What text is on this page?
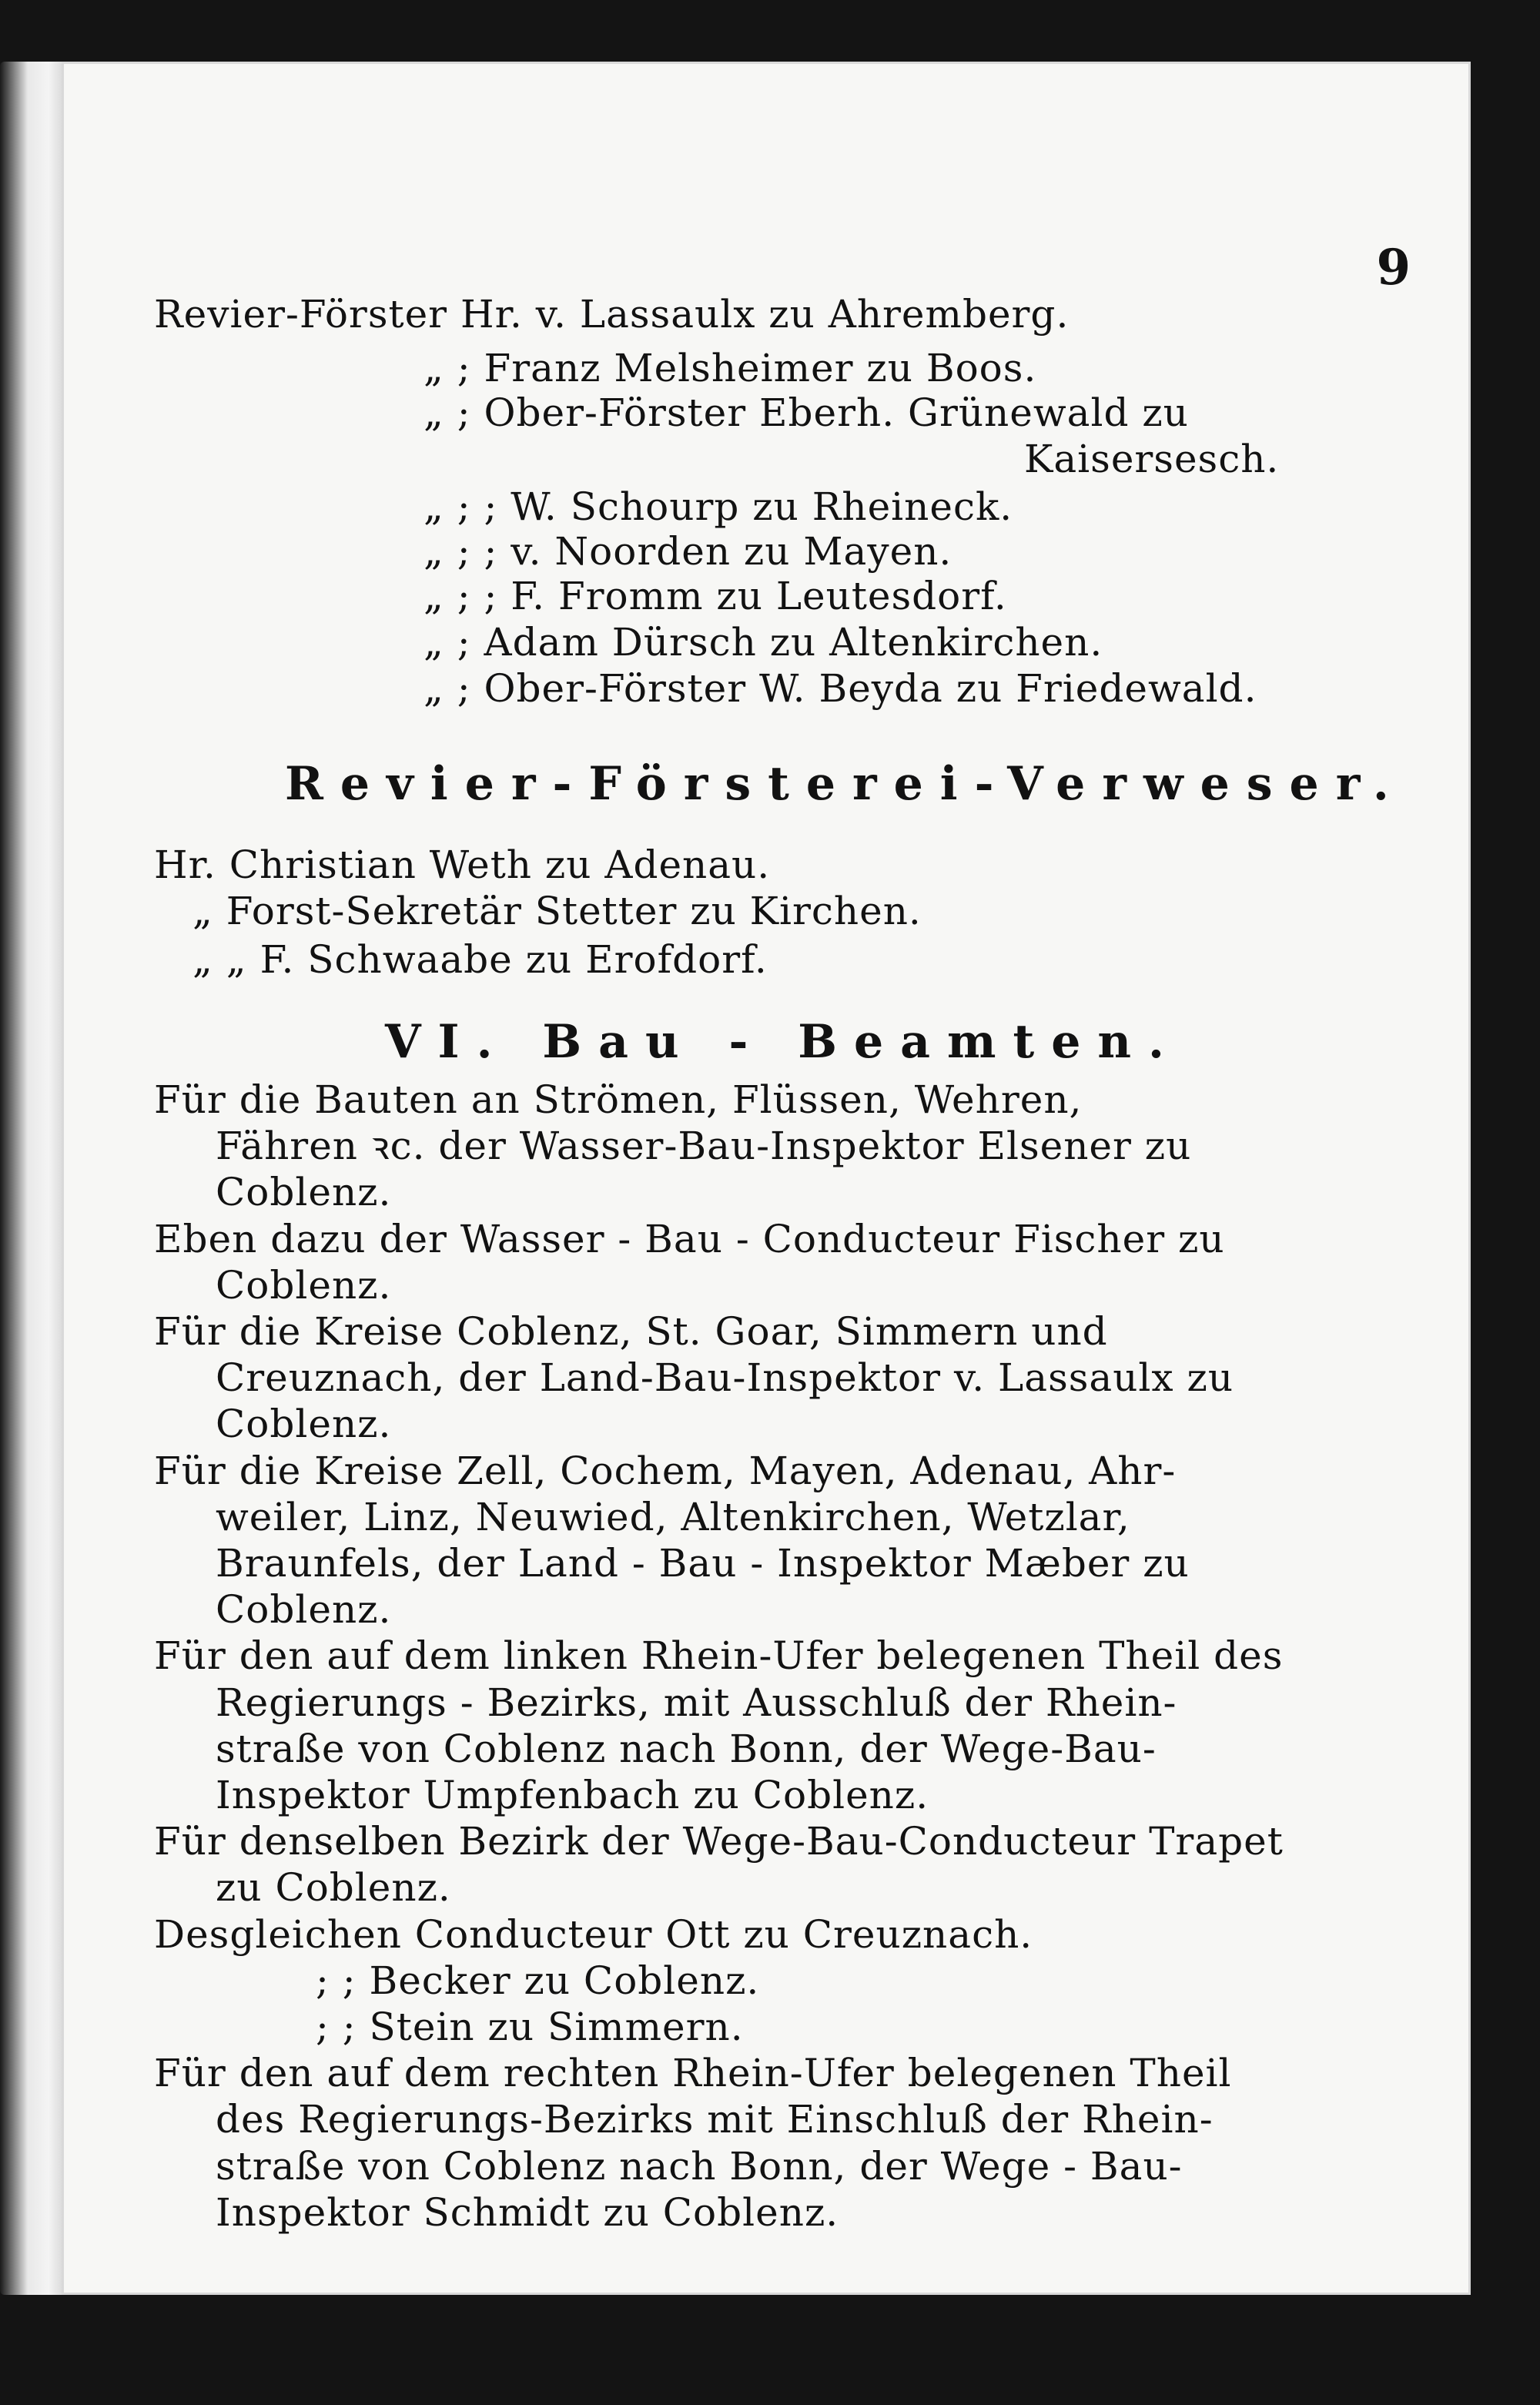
9
Revier-Förster Hr. v. Lassaulx zu Ahremberg.
„ ; Franz Melsheimer zu Boos.
„ ; Ober-Förster Eberh. Grünewald zu
Kaisersesch.
„ ; ; W. Schourp zu Rheineck.
„ ; ; v. Noorden zu Mayen.
„ ; ; F. Fromm zu Leutesdorf.
„ ; Adam Dürsch zu Altenkirchen.
„ ; Ober-Förster W. Beyda zu Friedewald.
Revier-Försterei-Verweser.
Hr. Christian Weth zu Adenau.
„ Forst-Sekretär Stetter zu Kirchen.
„ „ F. Schwaabe zu Erofdorf.
VI. Bau - Beamten.
Für die Bauten an Strömen, Flüssen, Wehren,
Fähren ꝛc. der Wasser-Bau-Inspektor Elsener zu
Coblenz.
Eben dazu der Wasser - Bau - Conducteur Fischer zu
Coblenz.
Für die Kreise Coblenz, St. Goar, Simmern und
Creuznach, der Land-Bau-Inspektor v. Lassaulx zu
Coblenz.
Für die Kreise Zell, Cochem, Mayen, Adenau, Ahr-
weiler, Linz, Neuwied, Altenkirchen, Wetzlar,
Braunfels, der Land - Bau - Inspektor Mæber zu
Coblenz.
Für den auf dem linken Rhein-Ufer belegenen Theil des
Regierungs - Bezirks, mit Ausschluß der Rhein-
straße von Coblenz nach Bonn, der Wege-Bau-
Inspektor Umpfenbach zu Coblenz.
Für denselben Bezirk der Wege-Bau-Conducteur Trapet
zu Coblenz.
Desgleichen Conducteur Ott zu Creuznach.
; ; Becker zu Coblenz.
; ; Stein zu Simmern.
Für den auf dem rechten Rhein-Ufer belegenen Theil
des Regierungs-Bezirks mit Einschluß der Rhein-
straße von Coblenz nach Bonn, der Wege - Bau-
Inspektor Schmidt zu Coblenz.
